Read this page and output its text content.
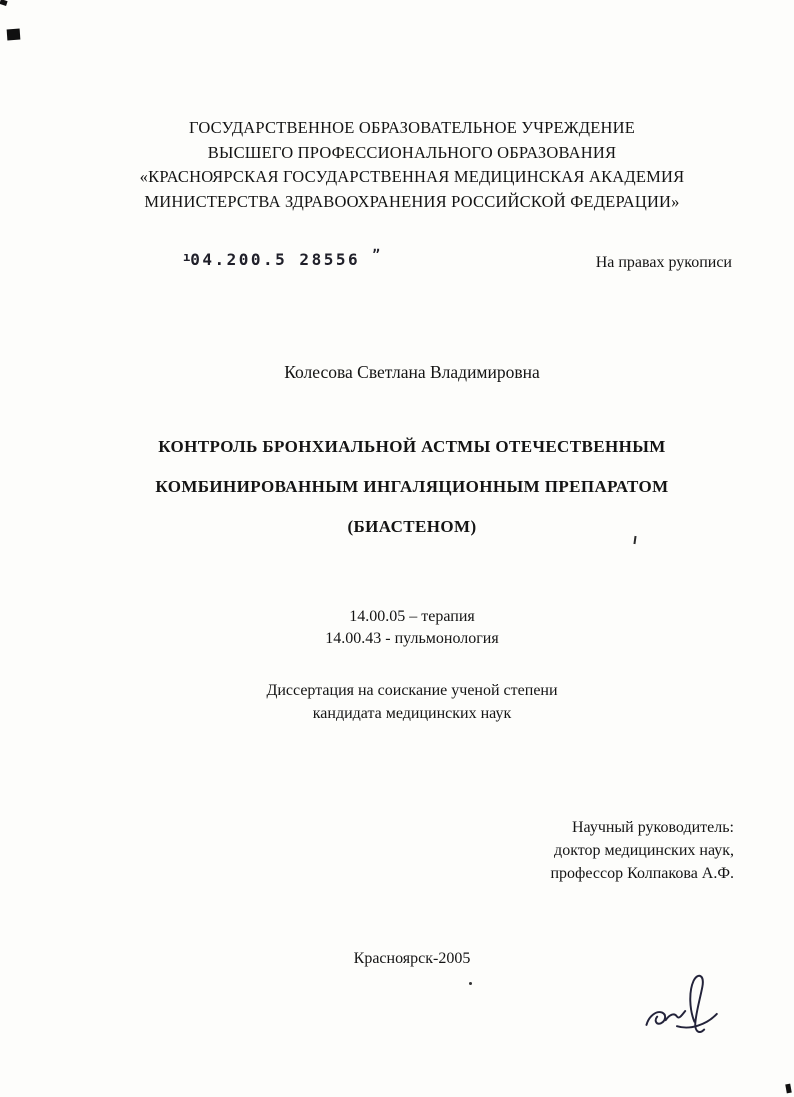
ГОСУДАРСТВЕННОЕ ОБРАЗОВАТЕЛЬНОЕ УЧРЕЖДЕНИЕ
ВЫСШЕГО ПРОФЕССИОНАЛЬНОГО ОБРАЗОВАНИЯ
«КРАСНОЯРСКАЯ ГОСУДАРСТВЕННАЯ МЕДИЦИНСКАЯ АКАДЕМИЯ
МИНИСТЕРСТВА ЗДРАВООХРАНЕНИЯ РОССИЙСКОЙ ФЕДЕРАЦИИ»
$^ı$04.200.5 28556 $^ˮ$	На правах рукописи
Колесова Светлана Владимировна
КОНТРОЛЬ БРОНХИАЛЬНОЙ АСТМЫ ОТЕЧЕСТВЕННЫМ
КОМБИНИРОВАННЫМ ИНГАЛЯЦИОННЫМ ПРЕПАРАТОМ
(БИАСТЕНОМ)
14.00.05 – терапия
14.00.43 - пульмонология
Диссертация на соискание ученой степени
кандидата медицинских наук
Научный руководитель:
доктор медицинских наук,
профессор Колпакова А.Ф.
Красноярск-2005
